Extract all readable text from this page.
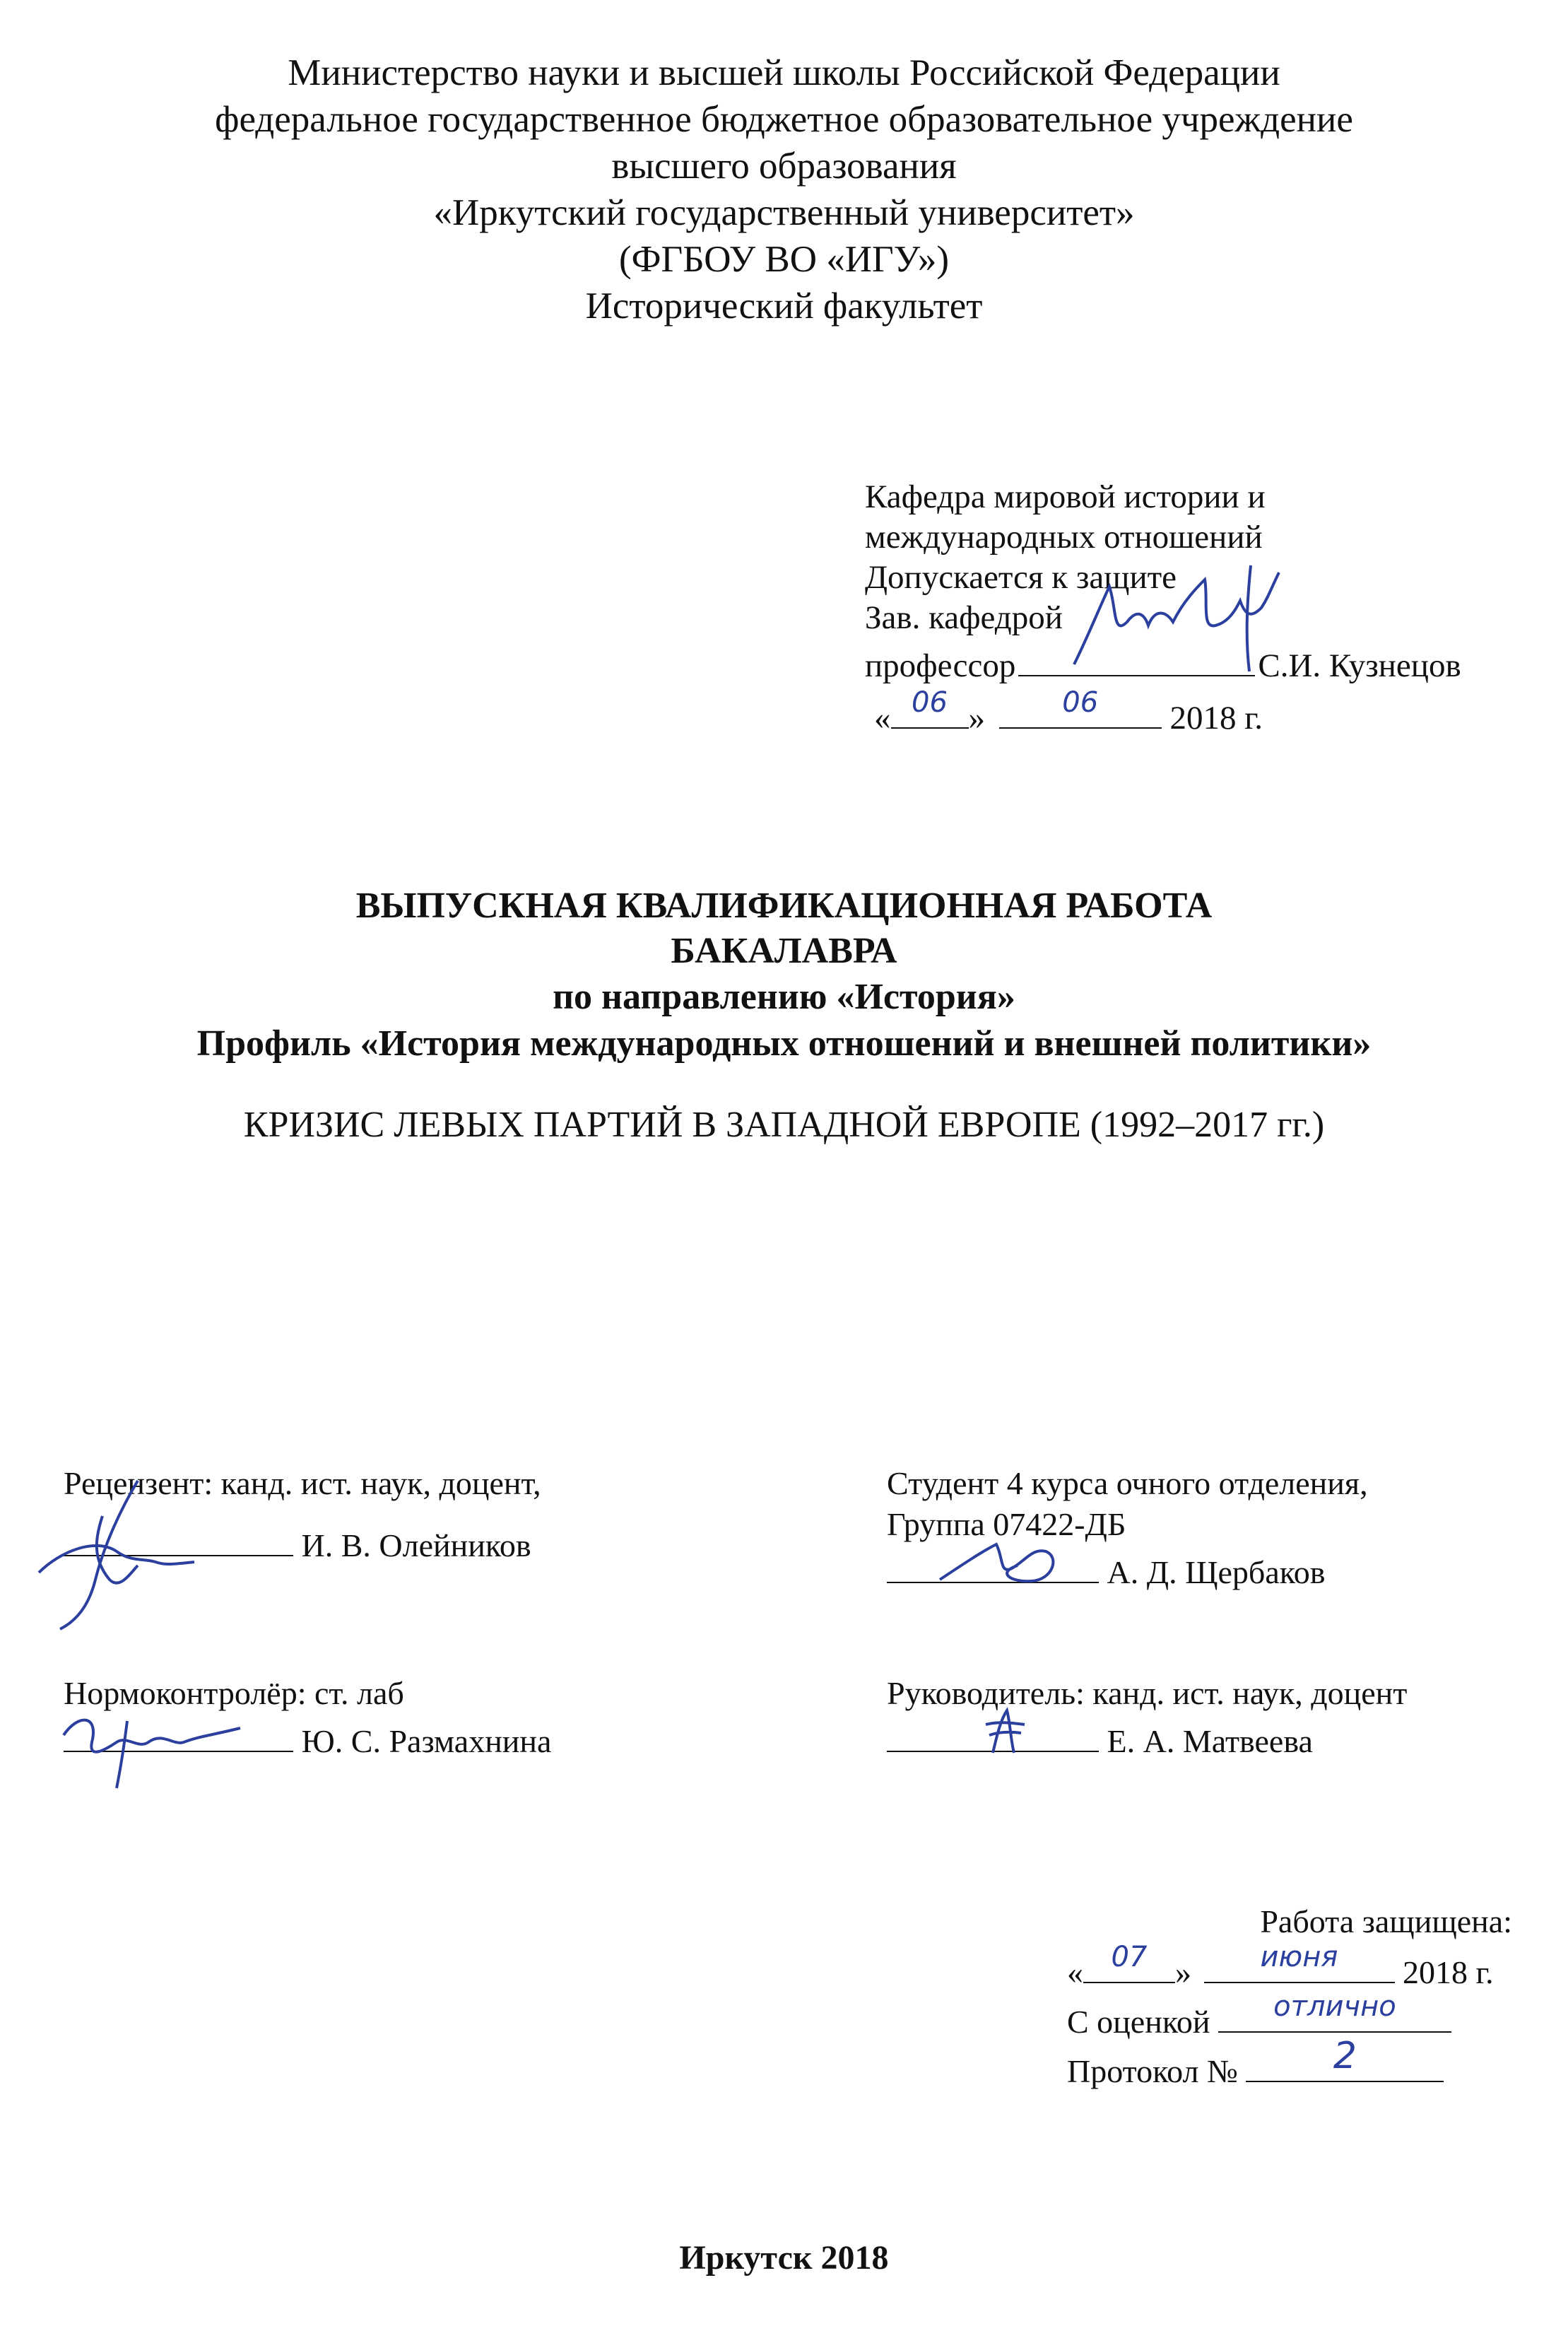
Министерство науки и высшей школы Российской Федерации
федеральное государственное бюджетное образовательное учреждение
высшего образования
«Иркутский государственный университет»
(ФГБОУ ВО «ИГУ»)
Исторический факультет
Кафедра мировой истории и
международных отношений
Допускается к защите
Зав. кафедрой
профессор	С.И. Кузнецов
« 06 »	06	2018 г.
ВЫПУСКНАЯ КВАЛИФИКАЦИОННАЯ РАБОТА
БАКАЛАВРА
по направлению «История»
Профиль «История международных отношений и внешней политики»
КРИЗИС ЛЕВЫХ ПАРТИЙ В ЗАПАДНОЙ ЕВРОПЕ (1992–2017 гг.)
Рецензент: канд. ист. наук, доцент,
И. В. Олейников
Нормоконтролёр: ст. лаб
Ю. С. Размахнина
Студент 4 курса очного отделения,
Группа 07422-ДБ
А. Д. Щербаков
Руководитель: канд. ист. наук, доцент
Е. А. Матвеева
Работа защищена:
« 07 »	июня	2018 г.
С оценкой	отлично
Протокол №	2
Иркутск 2018
